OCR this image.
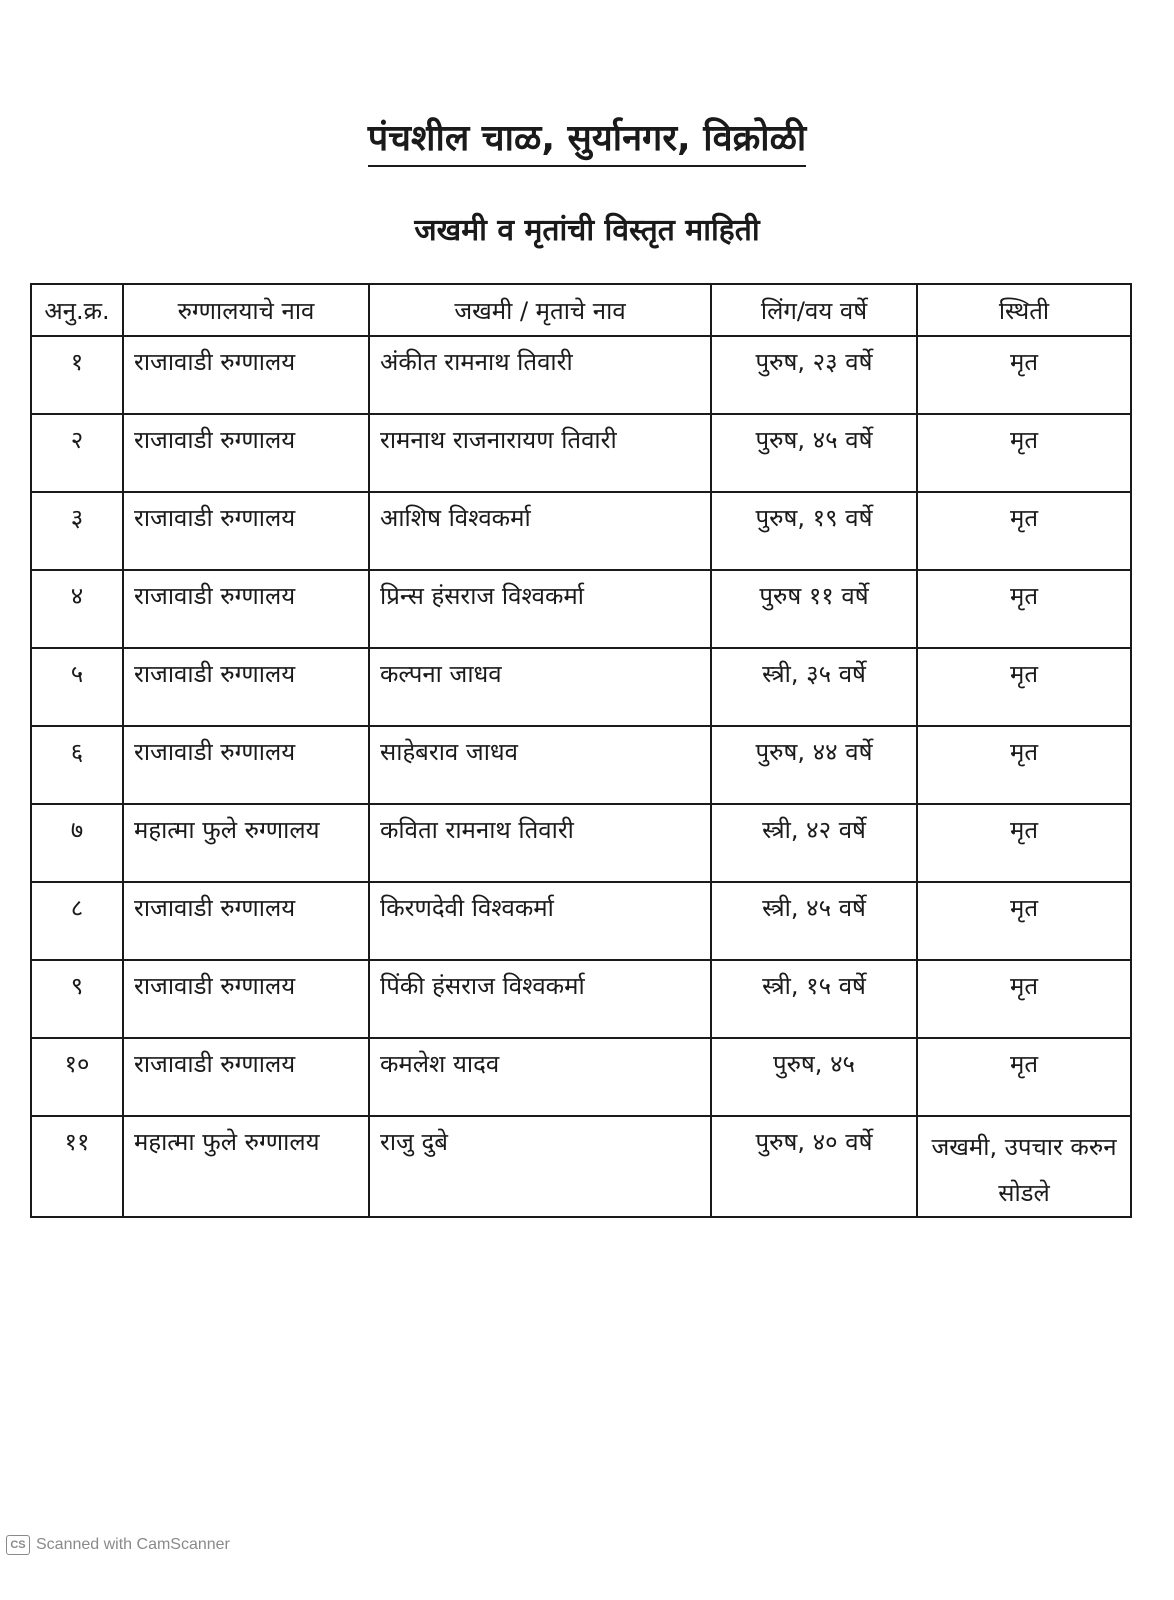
पंचशील चाळ, सुर्यानगर, विक्रोळी
जखमी व मृतांची विस्तृत माहिती
अनु.क्र.	रुग्णालयाचे नाव	जखमी / मृताचे नाव	लिंग/वय वर्षे	स्थिती
१	राजावाडी रुग्णालय	अंकीत रामनाथ तिवारी	पुरुष, २३ वर्षे	मृत
२	राजावाडी रुग्णालय	रामनाथ राजनारायण तिवारी	पुरुष, ४५ वर्षे	मृत
३	राजावाडी रुग्णालय	आशिष विश्वकर्मा	पुरुष, १९ वर्षे	मृत
४	राजावाडी रुग्णालय	प्रिन्स हंसराज विश्वकर्मा	पुरुष ११ वर्षे	मृत
५	राजावाडी रुग्णालय	कल्पना जाधव	स्त्री, ३५ वर्षे	मृत
६	राजावाडी रुग्णालय	साहेबराव जाधव	पुरुष, ४४ वर्षे	मृत
७	महात्मा फुले रुग्णालय	कविता रामनाथ तिवारी	स्त्री, ४२ वर्षे	मृत
८	राजावाडी रुग्णालय	किरणदेवी विश्वकर्मा	स्त्री, ४५ वर्षे	मृत
९	राजावाडी रुग्णालय	पिंकी हंसराज विश्वकर्मा	स्त्री, १५ वर्षे	मृत
१०	राजावाडी रुग्णालय	कमलेश यादव	पुरुष, ४५	मृत
११	महात्मा फुले रुग्णालय	राजु दुबे	पुरुष, ४० वर्षे	जखमी, उपचार करुन सोडले
CS Scanned with CamScanner
